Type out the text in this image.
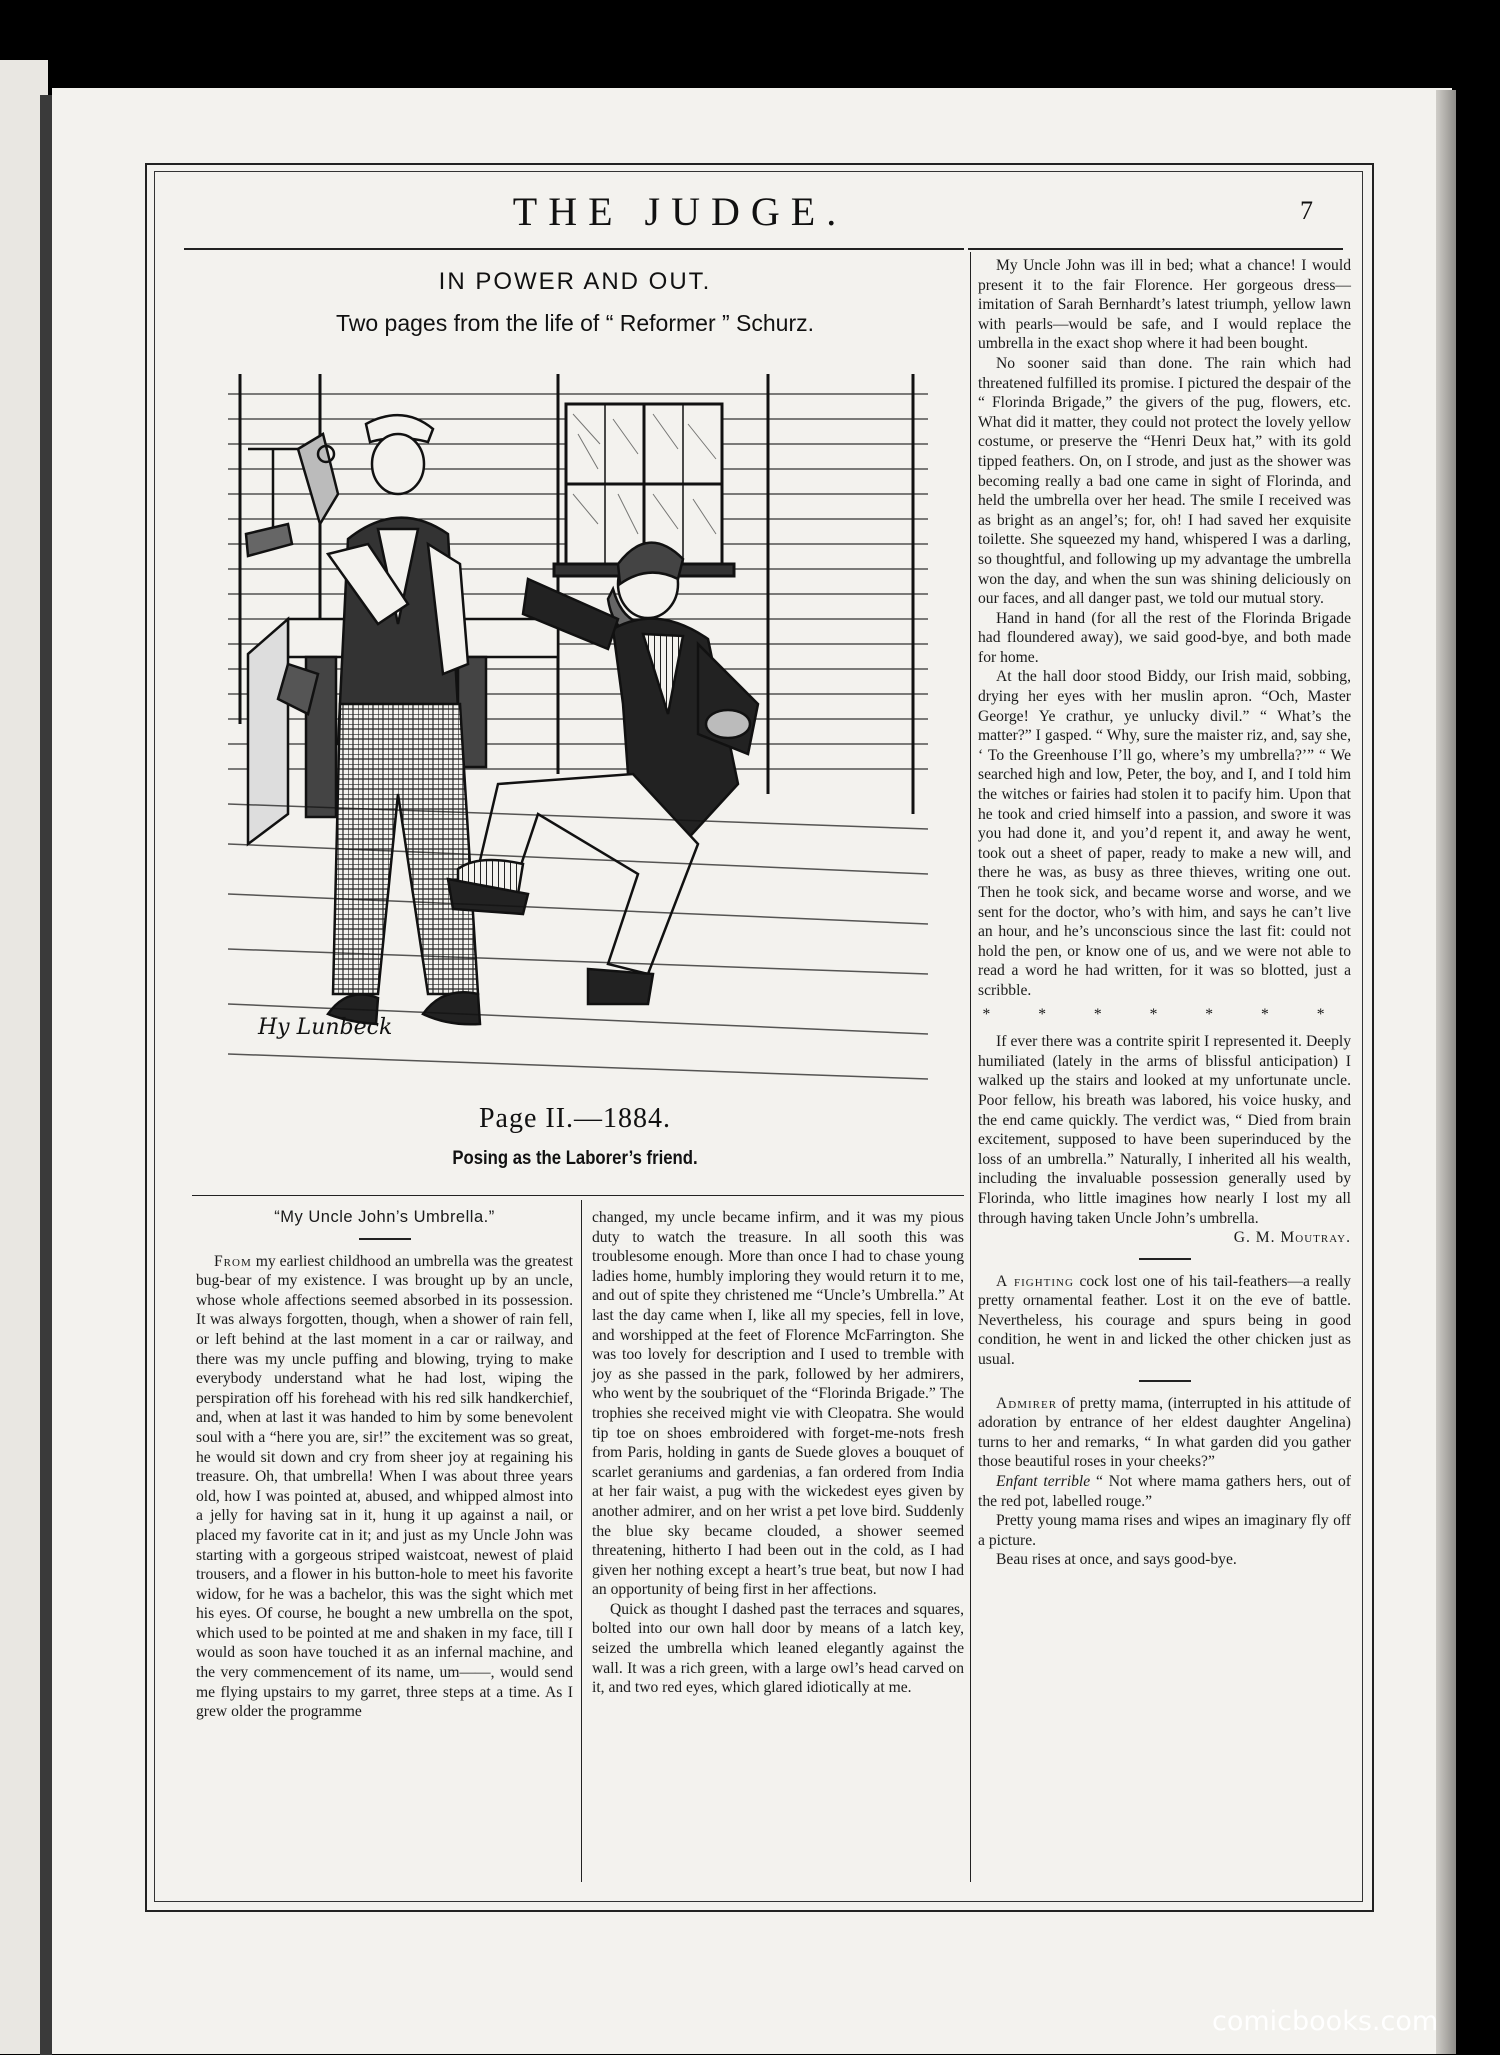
THE JUDGE.	7
IN POWER AND OUT.
Two pages from the life of “ Reformer ” Schurz.
Hy Lunbeck
Page II.—1884.
Posing as the Laborer’s friend.
“My Uncle John’s Umbrella.”

From my earliest childhood an umbrella was the greatest bug-bear of my existence. I was brought up by an uncle, whose whole affections seemed absorbed in its possession. It was always forgotten, though, when a shower of rain fell, or left behind at the last moment in a car or railway, and there was my uncle puffing and blowing, trying to make everybody understand what he had lost, wiping the perspiration off his forehead with his red silk handkerchief, and, when at last it was handed to him by some benevolent soul with a “here you are, sir!” the excitement was so great, he would sit down and cry from sheer joy at regaining his treasure. Oh, that umbrella! When I was about three years old, how I was pointed at, abused, and whipped almost into a jelly for having sat in it, hung it up against a nail, or placed my favorite cat in it; and just as my Uncle John was starting with a gorgeous striped waistcoat, newest of plaid trousers, and a flower in his button-hole to meet his favorite widow, for he was a bachelor, this was the sight which met his eyes. Of course, he bought a new umbrella on the spot, which used to be pointed at me and shaken in my face, till I would as soon have touched it as an infernal machine, and the very commencement of its name, um——, would send me flying upstairs to my garret, three steps at a time. As I grew older the programme

changed, my uncle became infirm, and it was my pious duty to watch the treasure. In all sooth this was troublesome enough. More than once I had to chase young ladies home, humbly imploring they would return it to me, and out of spite they christened me “Uncle’s Umbrella.” At last the day came when I, like all my species, fell in love, and worshipped at the feet of Florence McFarrington. She was too lovely for description and I used to tremble with joy as she passed in the park, followed by her admirers, who went by the soubriquet of the “Florinda Brigade.” The trophies she received might vie with Cleopatra. She would tip toe on shoes embroidered with forget-me-nots fresh from Paris, holding in gants de Suede gloves a bouquet of scarlet geraniums and gardenias, a fan ordered from India at her fair waist, a pug with the wickedest eyes given by another admirer, and on her wrist a pet love bird. Suddenly the blue sky became clouded, a shower seemed threatening, hitherto I had been out in the cold, as I had given her nothing except a heart’s true beat, but now I had an opportunity of being first in her affections.

Quick as thought I dashed past the terraces and squares, bolted into our own hall door by means of a latch key, seized the umbrella which leaned elegantly against the wall. It was a rich green, with a large owl’s head carved on it, and two red eyes, which glared idiotically at me.

My Uncle John was ill in bed; what a chance! I would present it to the fair Florence. Her gorgeous dress—imitation of Sarah Bernhardt’s latest triumph, yellow lawn with pearls—would be safe, and I would replace the umbrella in the exact shop where it had been bought.

No sooner said than done. The rain which had threatened fulfilled its promise. I pictured the despair of the “ Florinda Brigade,” the givers of the pug, flowers, etc. What did it matter, they could not protect the lovely yellow costume, or preserve the “Henri Deux hat,” with its gold tipped feathers. On, on I strode, and just as the shower was becoming really a bad one came in sight of Florinda, and held the umbrella over her head. The smile I received was as bright as an angel’s; for, oh! I had saved her exquisite toilette. She squeezed my hand, whispered I was a darling, so thoughtful, and following up my advantage the umbrella won the day, and when the sun was shining deliciously on our faces, and all danger past, we told our mutual story.

Hand in hand (for all the rest of the Florinda Brigade had floundered away), we said good-bye, and both made for home.

At the hall door stood Biddy, our Irish maid, sobbing, drying her eyes with her muslin apron. “Och, Master George! Ye crathur, ye unlucky divil.” “ What’s the matter?” I gasped. “ Why, sure the maister riz, and, say she, ‘ To the Greenhouse I’ll go, where’s my umbrella?’” “ We searched high and low, Peter, the boy, and I, and I told him the witches or fairies had stolen it to pacify him. Upon that he took and cried himself into a passion, and swore it was you had done it, and you’d repent it, and away he went, took out a sheet of paper, ready to make a new will, and there he was, as busy as three thieves, writing one out. Then he took sick, and became worse and worse, and we sent for the doctor, who’s with him, and says he can’t live an hour, and he’s unconscious since the last fit: could not hold the pen, or know one of us, and we were not able to read a word he had written, for it was so blotted, just a scribble.

* * * * * * *

If ever there was a contrite spirit I represented it. Deeply humiliated (lately in the arms of blissful anticipation) I walked up the stairs and looked at my unfortunate uncle. Poor fellow, his breath was labored, his voice husky, and the end came quickly. The verdict was, “ Died from brain excitement, supposed to have been superinduced by the loss of an umbrella.” Naturally, I inherited all his wealth, including the invaluable possession generally used by Florinda, who little imagines how nearly I lost my all through having taken Uncle John’s umbrella.

G. M. Moutray.

A fighting cock lost one of his tail-feathers—a really pretty ornamental feather. Lost it on the eve of battle. Nevertheless, his courage and spurs being in good condition, he went in and licked the other chicken just as usual.

Admirer of pretty mama, (interrupted in his attitude of adoration by entrance of her eldest daughter Angelina) turns to her and remarks, “ In what garden did you gather those beautiful roses in your cheeks?”

Enfant terrible “ Not where mama gathers hers, out of the red pot, labelled rouge.”

Pretty young mama rises and wipes an imaginary fly off a picture.

Beau rises at once, and says good-bye.

comicbooks.com
